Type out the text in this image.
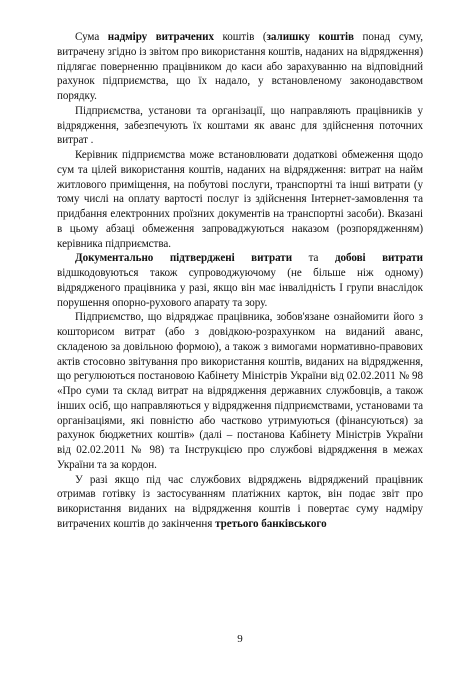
Сума надміру витрачених коштів (залишку коштів понад суму, витрачену згідно із звітом про використання коштів, наданих на відрядження) підлягає поверненню працівником до каси або зарахуванню на відповідний рахунок підприємства, що їх надало, у встановленому законодавством порядку.

Підприємства, установи та організації, що направляють працівників у відрядження, забезпечують їх коштами як аванс для здійснення поточних витрат .

Керівник підприємства може встановлювати додаткові обмеження щодо сум та цілей використання коштів, наданих на відрядження: витрат на найм житлового приміщення, на побутові послуги, транспортні та інші витрати (у тому числі на оплату вартості послуг із здійснення Інтернет-замовлення та придбання електронних проїзних документів на транспортні засоби). Вказані в цьому абзаці обмеження запроваджуються наказом (розпорядженням) керівника підприємства.

Документально підтверджені витрати та добові витрати відшкодовуються також супроводжуючому (не більше ніж одному) відрядженого працівника у разі, якщо він має інвалідність I групи внаслідок порушення опорно-рухового апарату та зору.

Підприємство, що відряджає працівника, зобов'язане ознайомити його з кошторисом витрат (або з довідкою-розрахунком на виданий аванс, складеною за довільною формою), а також з вимогами нормативно-правових актів стосовно звітування про використання коштів, виданих на відрядження, що регулюються постановою Кабінету Міністрів України від 02.02.2011 № 98 «Про суми та склад витрат на відрядження державних службовців, а також інших осіб, що направляються у відрядження підприємствами, установами та організаціями, які повністю або частково утримуються (фінансуються) за рахунок бюджетних коштів» (далі – постанова Кабінету Міністрів України від 02.02.2011 № 98) та Інструкцією про службові відрядження в межах України та за кордон.

У разі якщо під час службових відряджень відряджений працівник отримав готівку із застосуванням платіжних карток, він подає звіт про використання виданих на відрядження коштів і повертає суму надміру витрачених коштів до закінчення третього банківського

9
